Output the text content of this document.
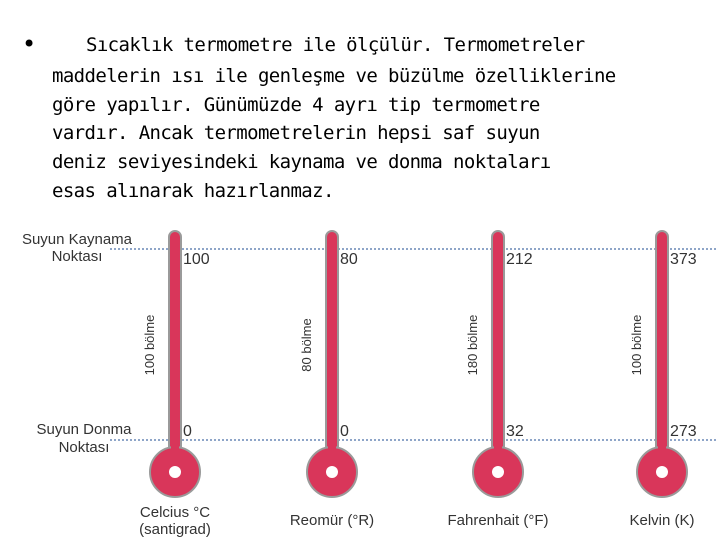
•	Sıcaklık termometre ile ölçülür. Termometreler
maddelerin ısı ile genleşme ve büzülme özelliklerine
göre yapılır. Günümüzde 4 ayrı tip termometre
vardır. Ancak termometrelerin hepsi saf suyun
deniz seviyesindeki kaynama ve donma noktaları
esas alınarak hazırlanmaz.
Suyun Kaynama
Noktası
Suyun Donma
Noktası
100
0
100 bölme
Celcius °C
(santigrad)
80
0
80 bölme
Reomür (°R)
212
32
180 bölme
Fahrenhait (°F)
373
273
100 bölme
Kelvin (K)
